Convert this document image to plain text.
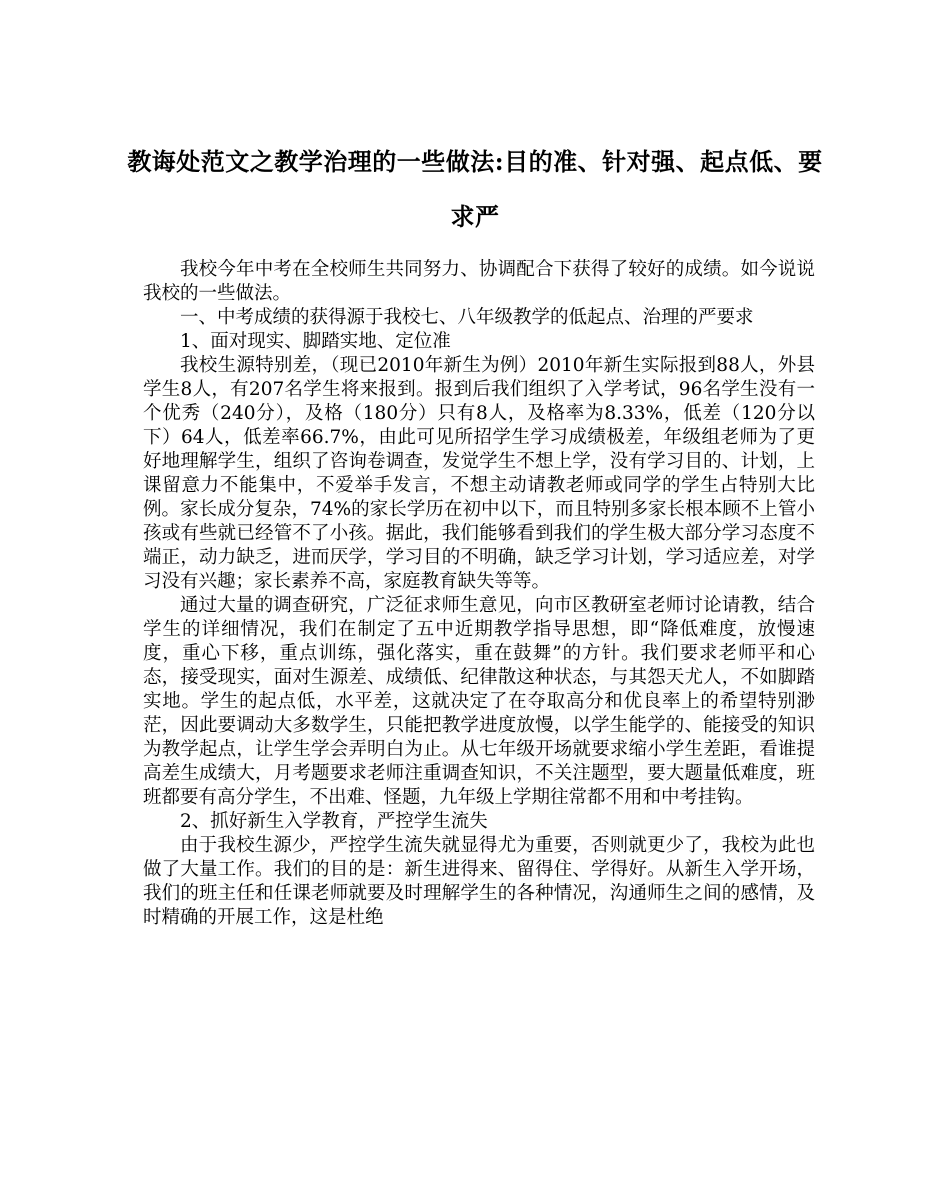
教诲处范文之教学治理的一些做法:目的准、针对强、起点低、要求严

我校今年中考在全校师生共同努力、协调配合下获得了较好的成绩。如今说说我校的一些做法。

一、中考成绩的获得源于我校七、八年级教学的低起点、治理的严要求

1、面对现实、脚踏实地、定位准

我校生源特别差，（现已2010年新生为例）2010年新生实际报到88人，外县学生8人，有207名学生将来报到。报到后我们组织了入学考试，96名学生没有一个优秀（240分），及格（180分）只有8人，及格率为8.33%，低差（120分以下）64人，低差率66.7%，由此可见所招学生学习成绩极差，年级组老师为了更好地理解学生，组织了咨询卷调查，发觉学生不想上学，没有学习目的、计划，上课留意力不能集中，不爱举手发言，不想主动请教老师或同学的学生占特别大比例。家长成分复杂，74%的家长学历在初中以下，而且特别多家长根本顾不上管小孩或有些就已经管不了小孩。据此，我们能够看到我们的学生极大部分学习态度不端正，动力缺乏，进而厌学，学习目的不明确，缺乏学习计划，学习适应差，对学习没有兴趣；家长素养不高，家庭教育缺失等等。

通过大量的调查研究，广泛征求师生意见，向市区教研室老师讨论请教，结合学生的详细情况，我们在制定了五中近期教学指导思想，即“降低难度，放慢速度，重心下移，重点训练，强化落实，重在鼓舞”的方针。我们要求老师平和心态，接受现实，面对生源差、成绩低、纪律散这种状态，与其怨天尤人，不如脚踏实地。学生的起点低，水平差，这就决定了在夺取高分和优良率上的希望特别渺茫，因此要调动大多数学生，只能把教学进度放慢，以学生能学的、能接受的知识为教学起点，让学生学会弄明白为止。从七年级开场就要求缩小学生差距，看谁提高差生成绩大，月考题要求老师注重调查知识，不关注题型，要大题量低难度，班班都要有高分学生，不出难、怪题，九年级上学期往常都不用和中考挂钩。

2、抓好新生入学教育，严控学生流失

由于我校生源少，严控学生流失就显得尤为重要，否则就更少了，我校为此也做了大量工作。我们的目的是：新生进得来、留得住、学得好。从新生入学开场，我们的班主任和任课老师就要及时理解学生的各种情况，沟通师生之间的感情，及时精确的开展工作，这是杜绝
